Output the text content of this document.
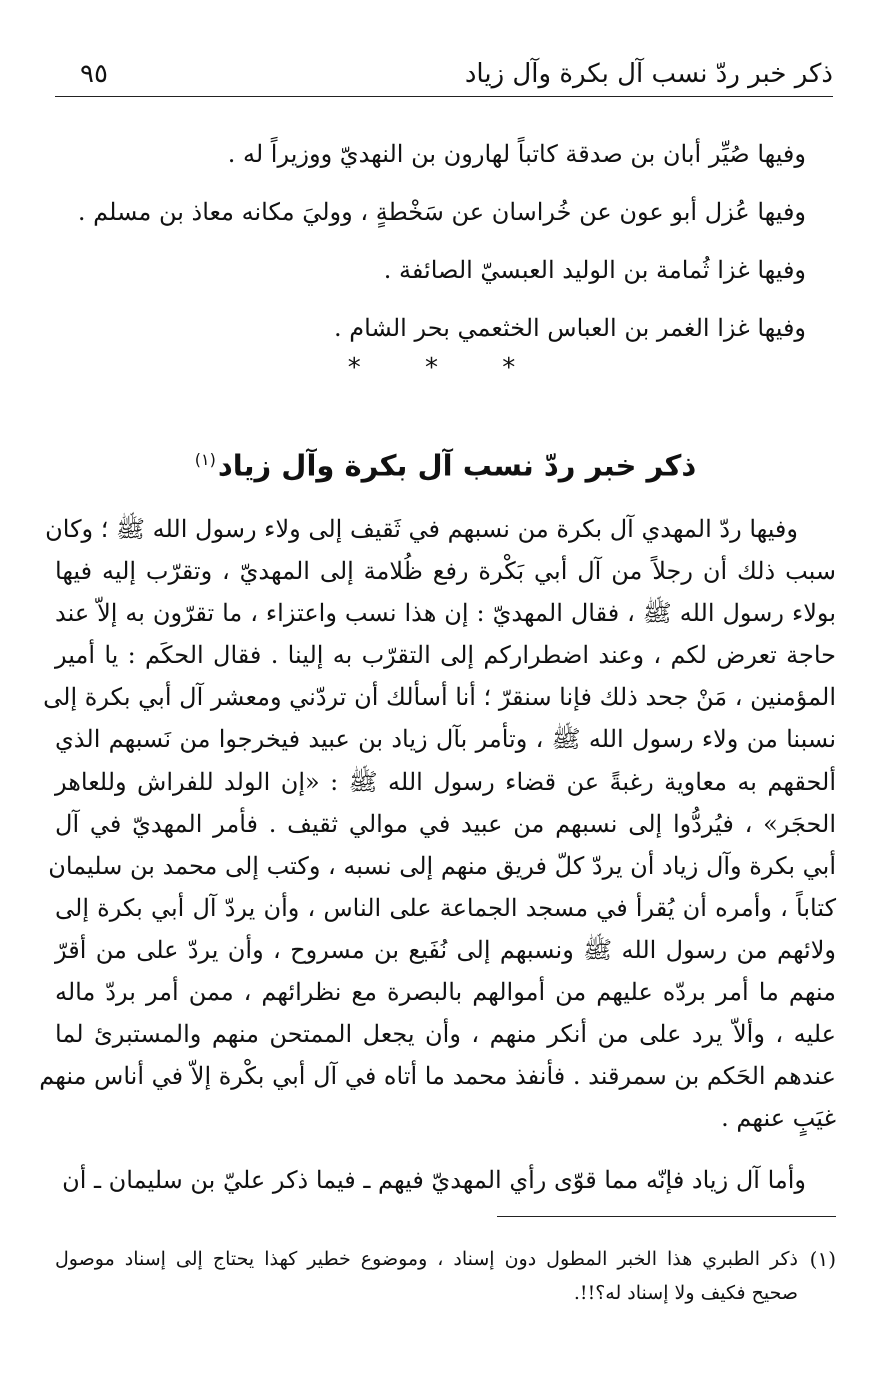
ذكر خبر ردّ نسب آل بكرة وآل زياد
٩٥
وفيها صُيِّر أبان بن صدقة كاتباً لهارون بن النهديّ ووزيراً له .
وفيها عُزل أبو عون عن خُراسان عن سَخْطةٍ ، ووليَ مكانه معاذ بن مسلم .
وفيها غزا ثُمامة بن الوليد العبسيّ الصائفة .
وفيها غزا الغمر بن العباس الخثعمي بحر الشام .
* * *
ذكر خبر ردّ نسب آل بكرة وآل زياد$^{(١)}$
وفيها ردّ المهدي آل بكرة من نسبهم في ثَقيف إلى ولاء رسول الله ﷺ ؛ وكان
سبب ذلك أن رجلاً من آل أبي بَكْرة رفع ظُلامة إلى المهديّ ، وتقرّب إليه فيها
بولاء رسول الله ﷺ ، فقال المهديّ : إن هذا نسب واعتزاء ، ما تقرّون به إلاّ عند
حاجة تعرض لكم ، وعند اضطراركم إلى التقرّب به إلينا . فقال الحكَم : يا أمير
المؤمنين ، مَنْ جحد ذلك فإنا سنقرّ ؛ أنا أسألك أن تردّني ومعشر آل أبي بكرة إلى
نسبنا من ولاء رسول الله ﷺ ، وتأمر بآل زياد بن عبيد فيخرجوا من نَسبهم الذي
ألحقهم به معاوية رغبةً عن قضاء رسول الله ﷺ : «إن الولد للفراش وللعاهر
الحجَر» ، فيُردُّوا إلى نسبهم من عبيد في موالي ثقيف . فأمر المهديّ في آل
أبي بكرة وآل زياد أن يردّ كلّ فريق منهم إلى نسبه ، وكتب إلى محمد بن سليمان
كتاباً ، وأمره أن يُقرأ في مسجد الجماعة على الناس ، وأن يردّ آل أبي بكرة إلى
ولائهم من رسول الله ﷺ ونسبهم إلى نُفَيع بن مسروح ، وأن يردّ على من أقرّ
منهم ما أمر بردّه عليهم من أموالهم بالبصرة مع نظرائهم ، ممن أمر بردّ ماله
عليه ، وألاّ يرد على من أنكر منهم ، وأن يجعل الممتحن منهم والمستبرئ لما
عندهم الحَكم بن سمرقند . فأنفذ محمد ما أتاه في آل أبي بكْرة إلاّ في أناس منهم
غيَبٍ عنهم .
وأما آل زياد فإنّه مما قوّى رأي المهديّ فيهم ـ فيما ذكر عليّ بن سليمان ـ أن
(١)
ذكر الطبري هذا الخبر المطول دون إسناد ، وموضوع خطير كهذا يحتاج إلى إسناد موصول
صحيح فكيف ولا إسناد له؟!!.
